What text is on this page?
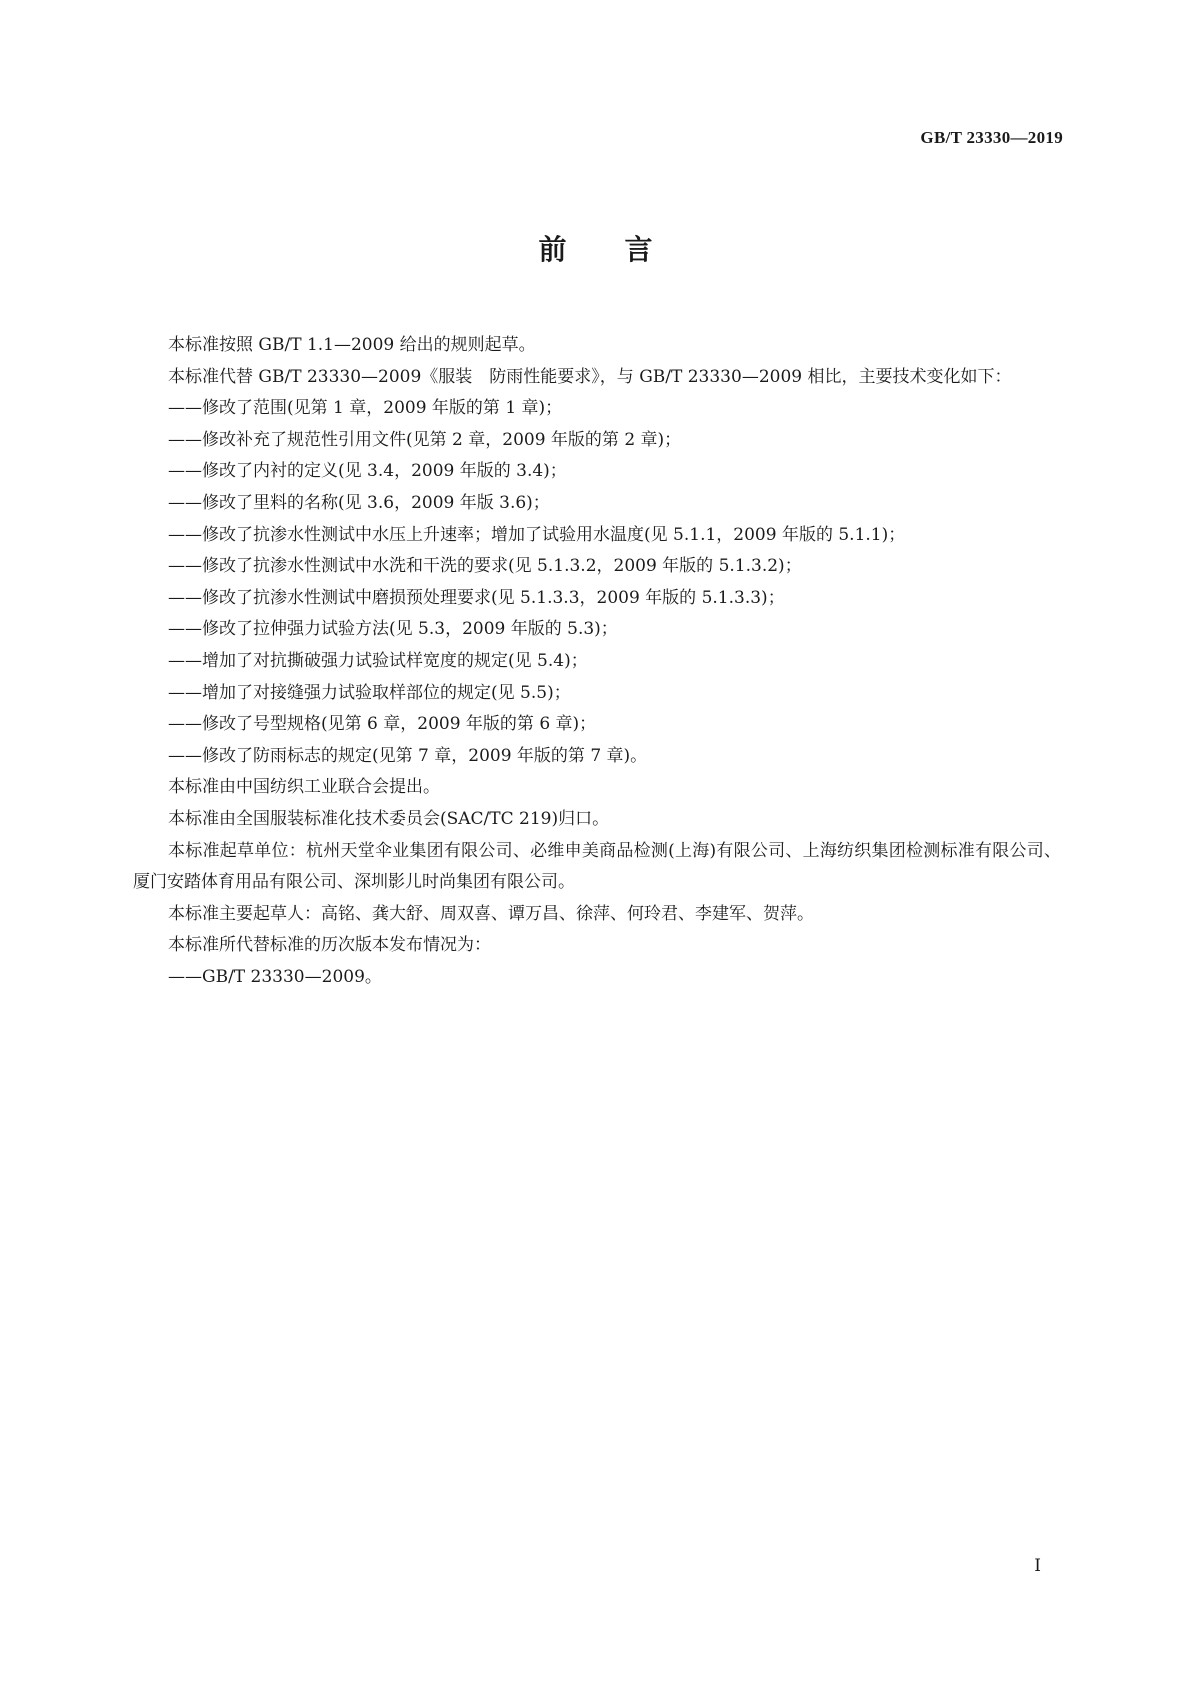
GB/T 23330—2019
前言

本标准按照 GB/T 1.1—2009 给出的规则起草。

本标准代替 GB/T 23330—2009《服装　防雨性能要求》，与 GB/T 23330—2009 相比，主要技术变化如下：

——修改了范围(见第 1 章，2009 年版的第 1 章)；

——修改补充了规范性引用文件(见第 2 章，2009 年版的第 2 章)；

——修改了内衬的定义(见 3.4，2009 年版的 3.4)；

——修改了里料的名称(见 3.6，2009 年版 3.6)；

——修改了抗渗水性测试中水压上升速率；增加了试验用水温度(见 5.1.1，2009 年版的 5.1.1)；

——修改了抗渗水性测试中水洗和干洗的要求(见 5.1.3.2，2009 年版的 5.1.3.2)；

——修改了抗渗水性测试中磨损预处理要求(见 5.1.3.3，2009 年版的 5.1.3.3)；

——修改了拉伸强力试验方法(见 5.3，2009 年版的 5.3)；

——增加了对抗撕破强力试验试样宽度的规定(见 5.4)；

——增加了对接缝强力试验取样部位的规定(见 5.5)；

——修改了号型规格(见第 6 章，2009 年版的第 6 章)；

——修改了防雨标志的规定(见第 7 章，2009 年版的第 7 章)。

本标准由中国纺织工业联合会提出。

本标准由全国服装标准化技术委员会(SAC/TC 219)归口。

本标准起草单位：杭州天堂伞业集团有限公司、必维申美商品检测(上海)有限公司、上海纺织集团检测标准有限公司、厦门安踏体育用品有限公司、深圳影儿时尚集团有限公司。

本标准主要起草人：高铭、龚大舒、周双喜、谭万昌、徐萍、何玲君、李建军、贺萍。

本标准所代替标准的历次版本发布情况为：

——GB/T 23330—2009。

I
